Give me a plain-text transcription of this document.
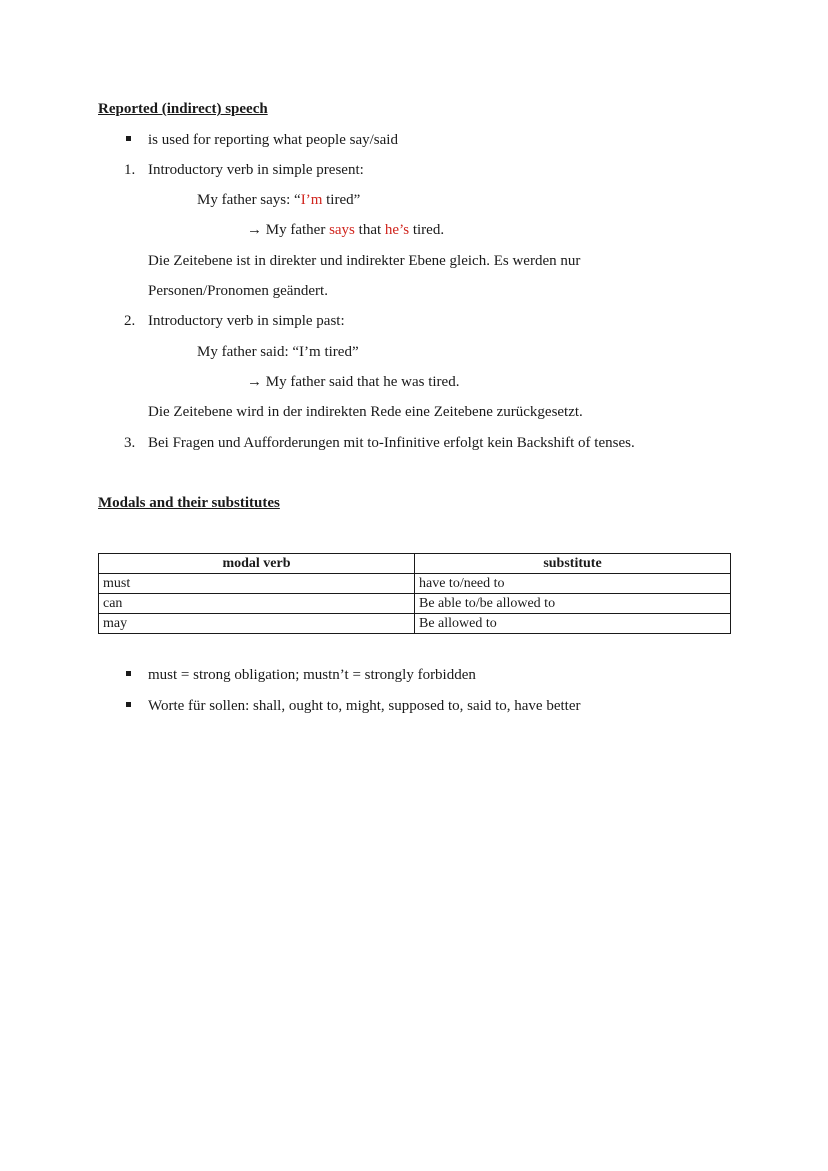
Reported (indirect) speech
is used for reporting what people say/said
1. Introductory verb in simple present:
My father says: “I’m tired”
→ My father says that he’s tired.
Die Zeitebene ist in direkter und indirekter Ebene gleich. Es werden nur
Personen/Pronomen geändert.
2. Introductory verb in simple past:
My father said: “I’m tired”
→ My father said that he was tired.
Die Zeitebene wird in der indirekten Rede eine Zeitebene zurückgesetzt.
3. Bei Fragen und Aufforderungen mit to-Infinitive erfolgt kein Backshift of tenses.
Modals and their substitutes
modal verb	substitute
must	have to/need to
can	Be able to/be allowed to
may	Be allowed to
must = strong obligation; mustn’t = strongly forbidden
Worte für sollen: shall, ought to, might, supposed to, said to, have better
